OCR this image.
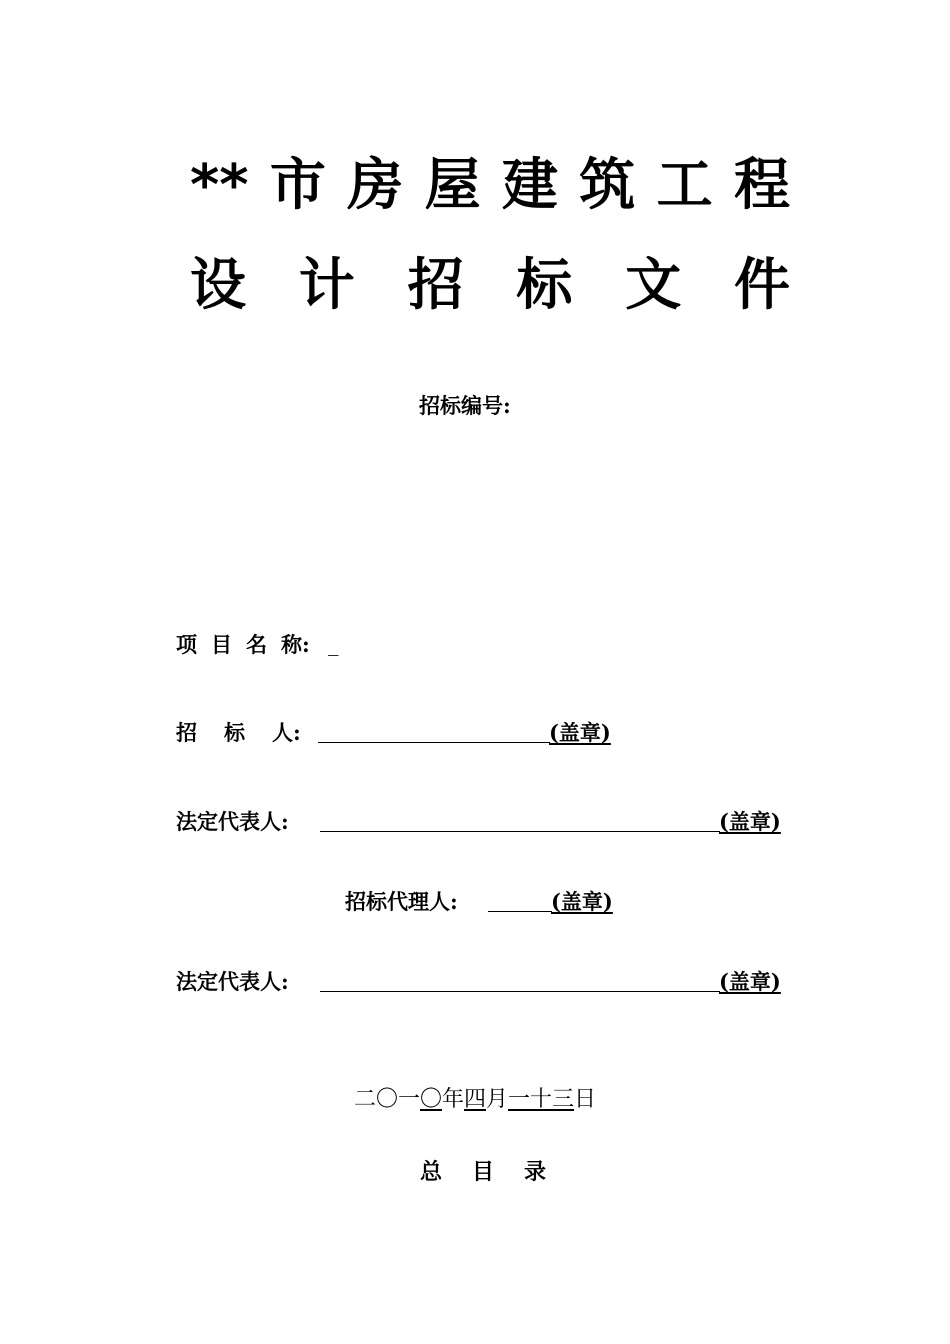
** 市 房 屋 建 筑 工 程
设 计 招 标 文 件
招标编号:
项 目 名 称: _
招 标 人:	(盖章)
法定代表人:	(盖章)
招标代理人:	(盖章)
法定代表人:	(盖章)
二〇一〇年四月一十三日
总 目 录
